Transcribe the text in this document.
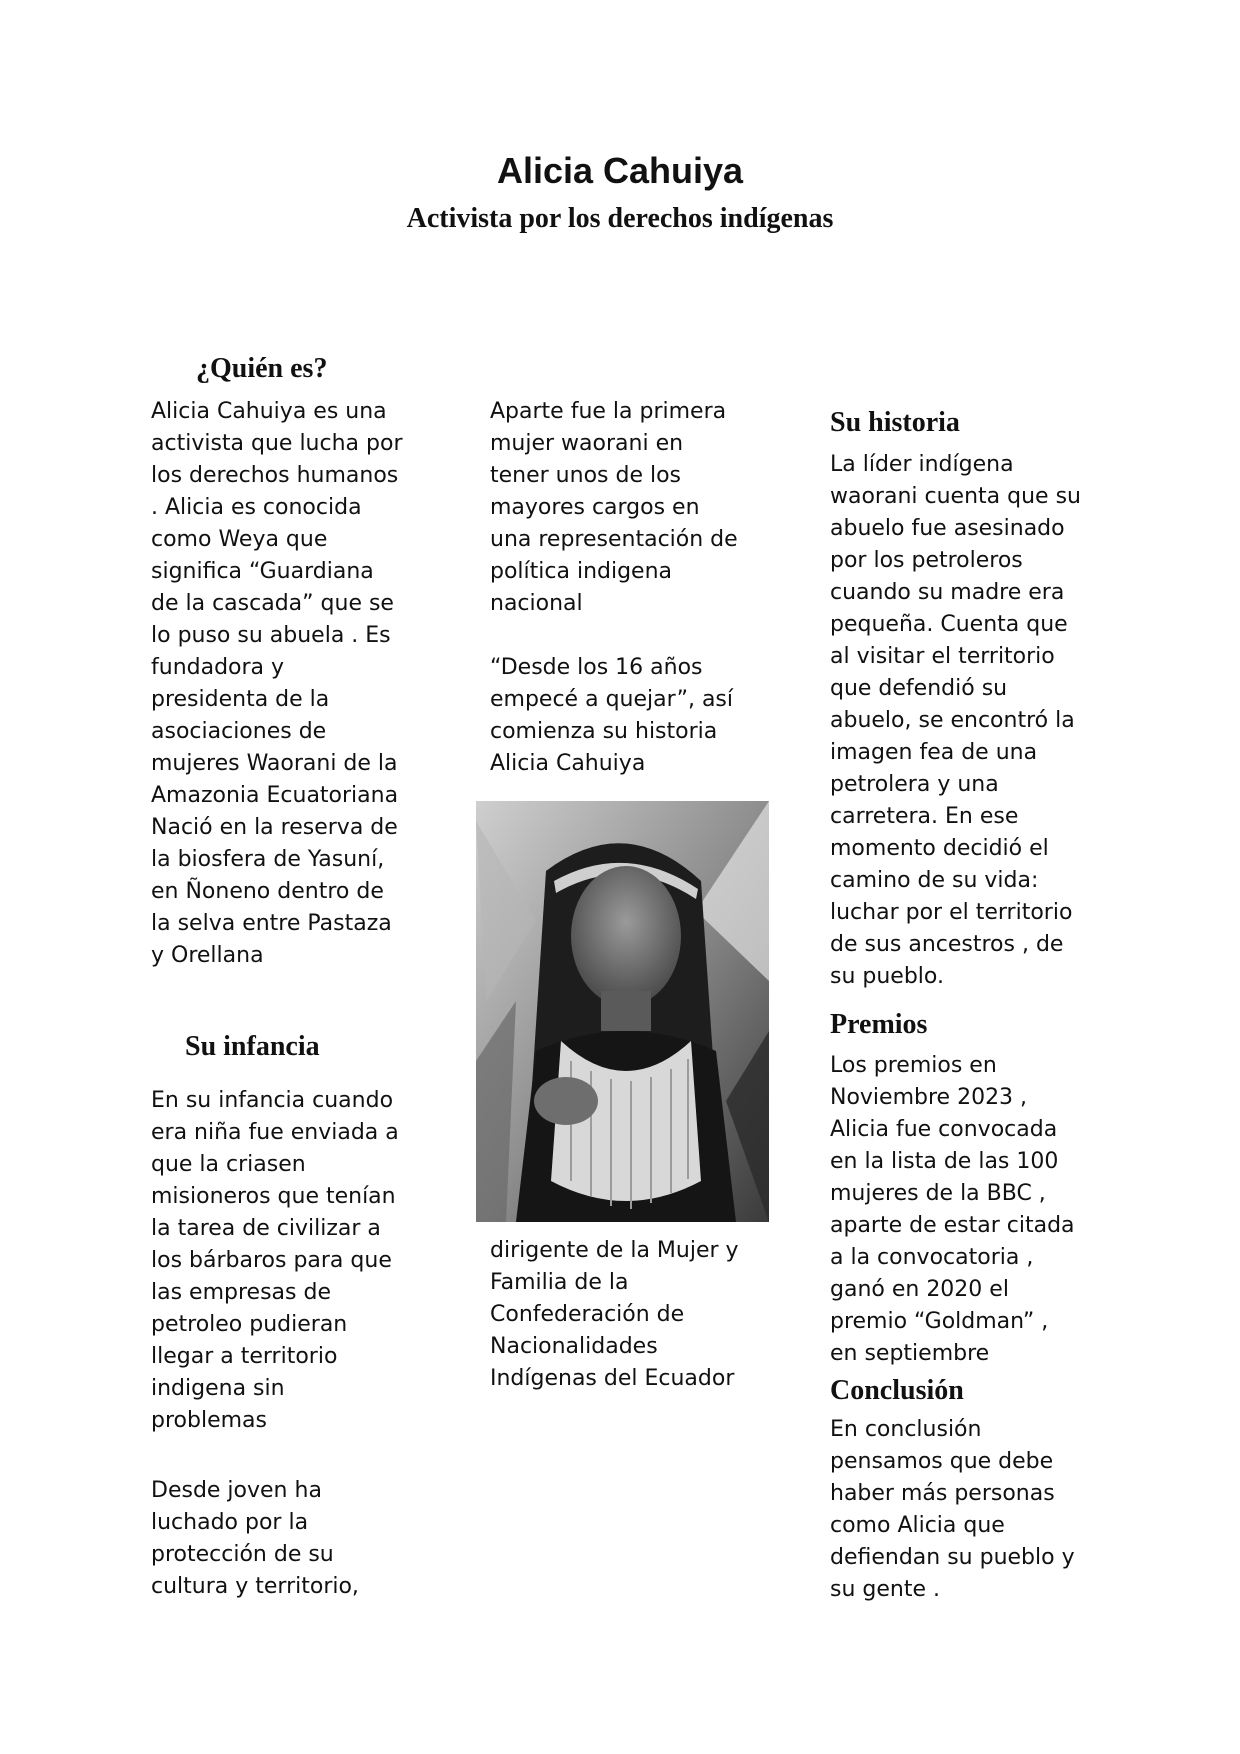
Alicia Cahuiya
Activista por los derechos indígenas
¿Quién es?

Alicia Cahuiya es una
activista que lucha por
los derechos humanos
. Alicia es conocida
como Weya que
significa “Guardiana
de la cascada” que se
lo puso su abuela . Es
fundadora y
presidenta de la
asociaciones de
mujeres Waorani de la
Amazonia Ecuatoriana
Nació en la reserva de
la biosfera de Yasuní,
en Ñoneno dentro de
la selva entre Pastaza
y Orellana

Su infancia

En su infancia cuando
era niña fue enviada a
que la criasen
misioneros que tenían
la tarea de civilizar a
los bárbaros para que
las empresas de
petroleo pudieran
llegar a territorio
indigena sin
problemas

Desde joven ha
luchado por la
protección de su
cultura y territorio,

Aparte fue la primera
mujer waorani en
tener unos de los
mayores cargos en
una representación de
política indigena
nacional

“Desde los 16 años
empecé a quejar”, así
comienza su historia
Alicia Cahuiya

dirigente de la Mujer y
Familia de la
Confederación de
Nacionalidades
Indígenas del Ecuador

Su historia

La líder indígena
waorani cuenta que su
abuelo fue asesinado
por los petroleros
cuando su madre era
pequeña. Cuenta que
al visitar el territorio
que defendió su
abuelo, se encontró la
imagen fea de una
petrolera y una
carretera. En ese
momento decidió el
camino de su vida:
luchar por el territorio
de sus ancestros , de
su pueblo.

Premios

Los premios en
Noviembre 2023 ,
Alicia fue convocada
en la lista de las 100
mujeres de la BBC ,
aparte de estar citada
a la convocatoria ,
ganó en 2020 el
premio “Goldman” ,
en septiembre

Conclusión

En conclusión
pensamos que debe
haber más personas
como Alicia que
defiendan su pueblo y
su gente .
